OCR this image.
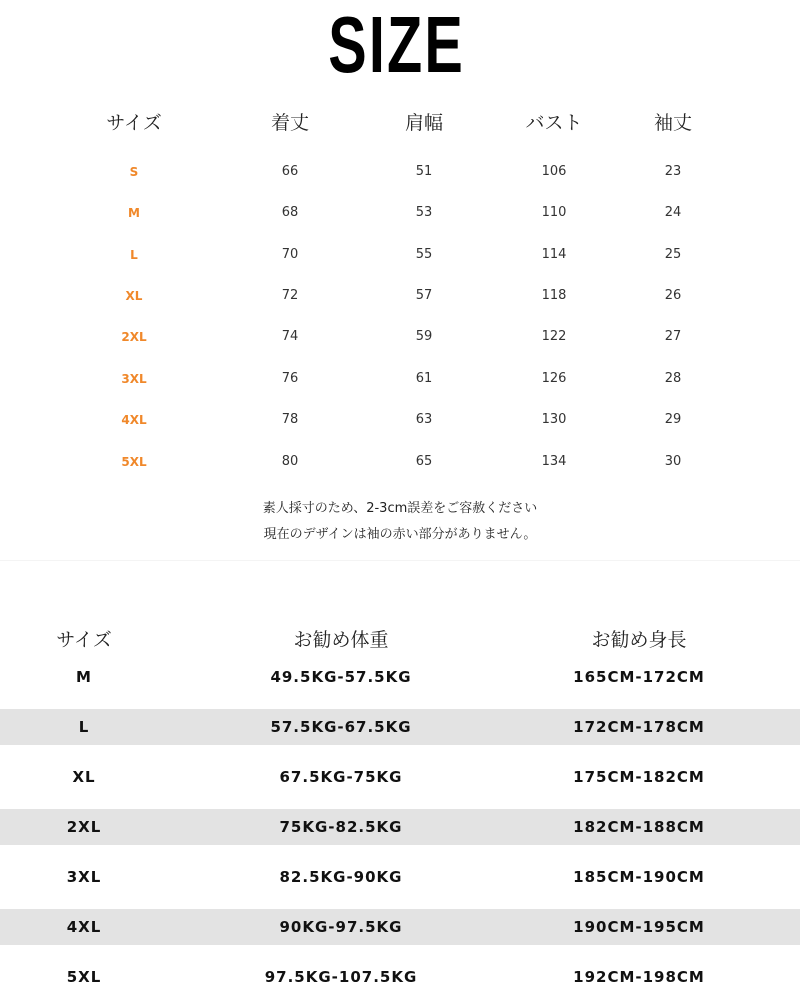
SIZE
サイズ	着丈	肩幅	バスト	袖丈
S	66	51	106	23
M	68	53	110	24
L	70	55	114	25
XL	72	57	118	26
2XL	74	59	122	27
3XL	76	61	126	28
4XL	78	63	130	29
5XL	80	65	134	30
素人採寸のため、2-3cm誤差をご容赦ください
現在のデザインは袖の赤い部分がありません。
サイズ	お勧め体重	お勧め身長
M	49.5KG-57.5KG	165CM-172CM
L	57.5KG-67.5KG	172CM-178CM
XL	67.5KG-75KG	175CM-182CM
2XL	75KG-82.5KG	182CM-188CM
3XL	82.5KG-90KG	185CM-190CM
4XL	90KG-97.5KG	190CM-195CM
5XL	97.5KG-107.5KG	192CM-198CM
